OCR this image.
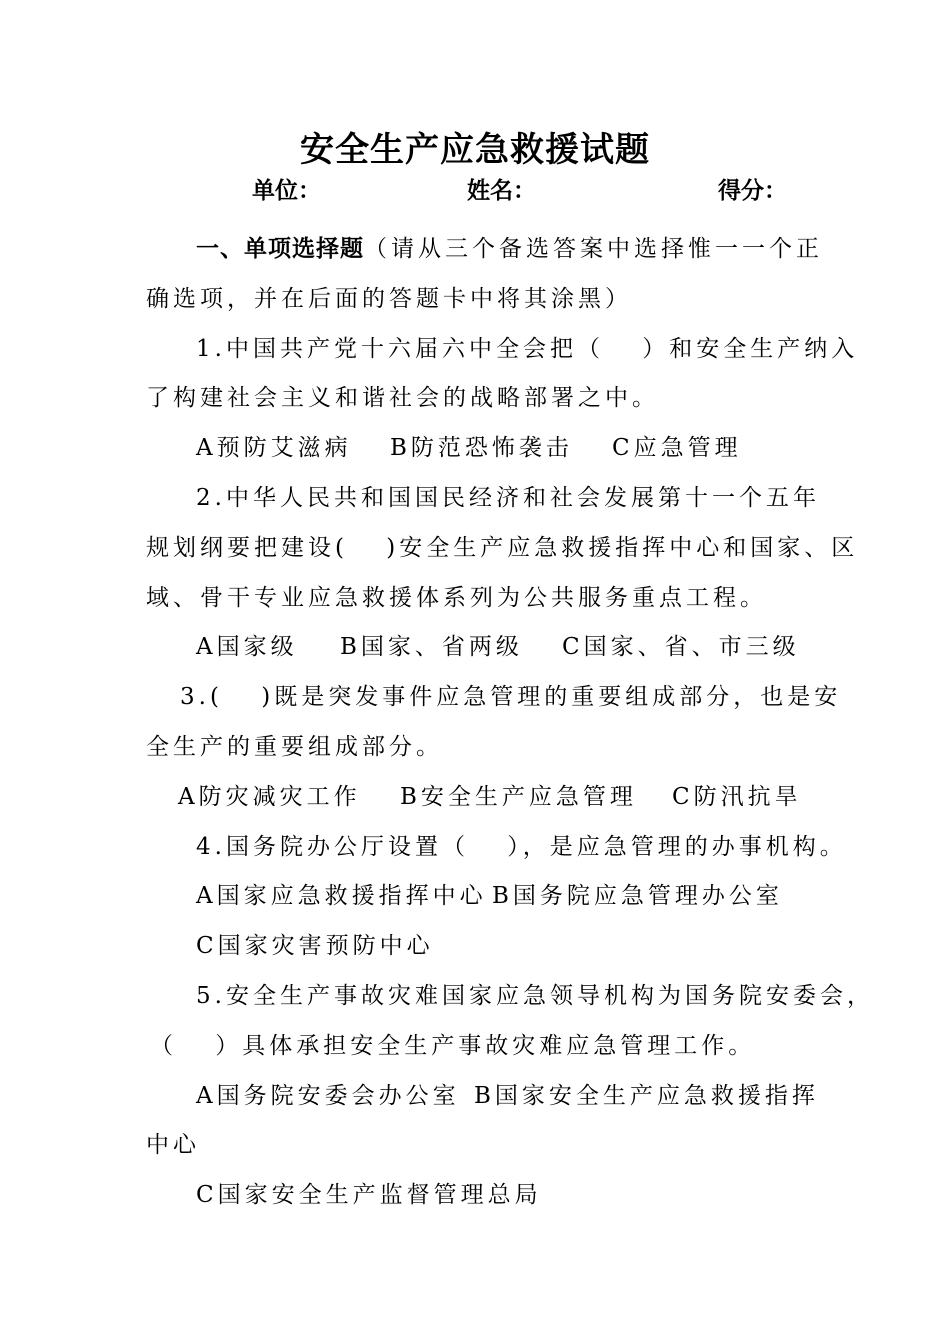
安全生产应急救援试题
单位：	姓名：	得分：
一、单项选择题（请从三个备选答案中选择惟一一个正
确选项，并在后面的答题卡中将其涂黑）
1.中国共产党十六届六中全会把（　 ）和安全生产纳入
了构建社会主义和谐社会的战略部署之中。
A预防艾滋病 B防范恐怖袭击 C应急管理
2.中华人民共和国国民经济和社会发展第十一个五年
规划纲要把建设(　 )安全生产应急救援指挥中心和国家、区
域、骨干专业应急救援体系列为公共服务重点工程。
A国家级 B国家、省两级 C国家、省、市三级
3.(　 )既是突发事件应急管理的重要组成部分，也是安
全生产的重要组成部分。
A防灾减灾工作 B安全生产应急管理 C防汛抗旱
4.国务院办公厅设置（　 ），是应急管理的办事机构。
A国家应急救援指挥中心 B国务院应急管理办公室
C国家灾害预防中心
5.安全生产事故灾难国家应急领导机构为国务院安委会，
（　 ）具体承担安全生产事故灾难应急管理工作。
A国务院安委会办公室 B国家安全生产应急救援指挥
中心
C国家安全生产监督管理总局
